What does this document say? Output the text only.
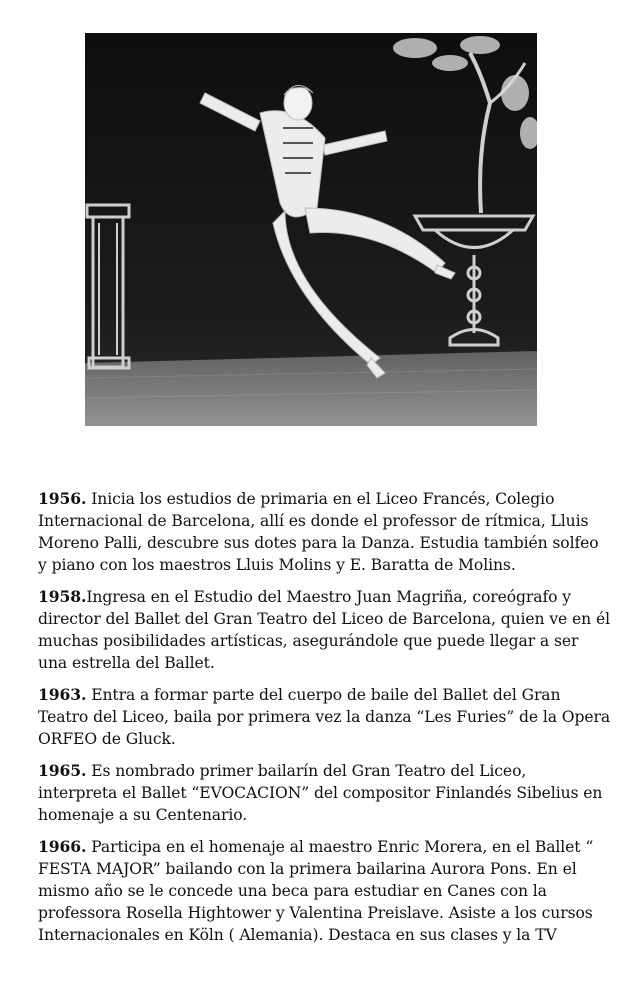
1956. Inicia los estudios de primaria en el Liceo Francés, Colegio
Internacional de Barcelona, allí es donde el professor de rítmica, Lluis
Moreno Palli, descubre sus dotes para la Danza. Estudia también solfeo
y piano con los maestros Lluis Molins y E. Baratta de Molins.

1958.Ingresa en el Estudio del Maestro Juan Magriña, coreógrafo y
director del Ballet del Gran Teatro del Liceo de Barcelona, quien ve en él
muchas posibilidades artísticas, asegurándole que puede llegar a ser
una estrella del Ballet.

1963. Entra a formar parte del cuerpo de baile del Ballet del Gran
Teatro del Liceo, baila por primera vez la danza “Les Furies” de la Opera
ORFEO de Gluck.

1965. Es nombrado primer bailarín del Gran Teatro del Liceo,
interpreta el Ballet “EVOCACION” del compositor Finlandés Sibelius en
homenaje a su Centenario.

1966. Participa en el homenaje al maestro Enric Morera, en el Ballet “
FESTA MAJOR” bailando con la primera bailarina Aurora Pons. En el
mismo año se le concede una beca para estudiar en Canes con la
professora Rosella Hightower y Valentina Preislave. Asiste a los cursos
Internacionales en Köln ( Alemania). Destaca en sus clases y la TV
